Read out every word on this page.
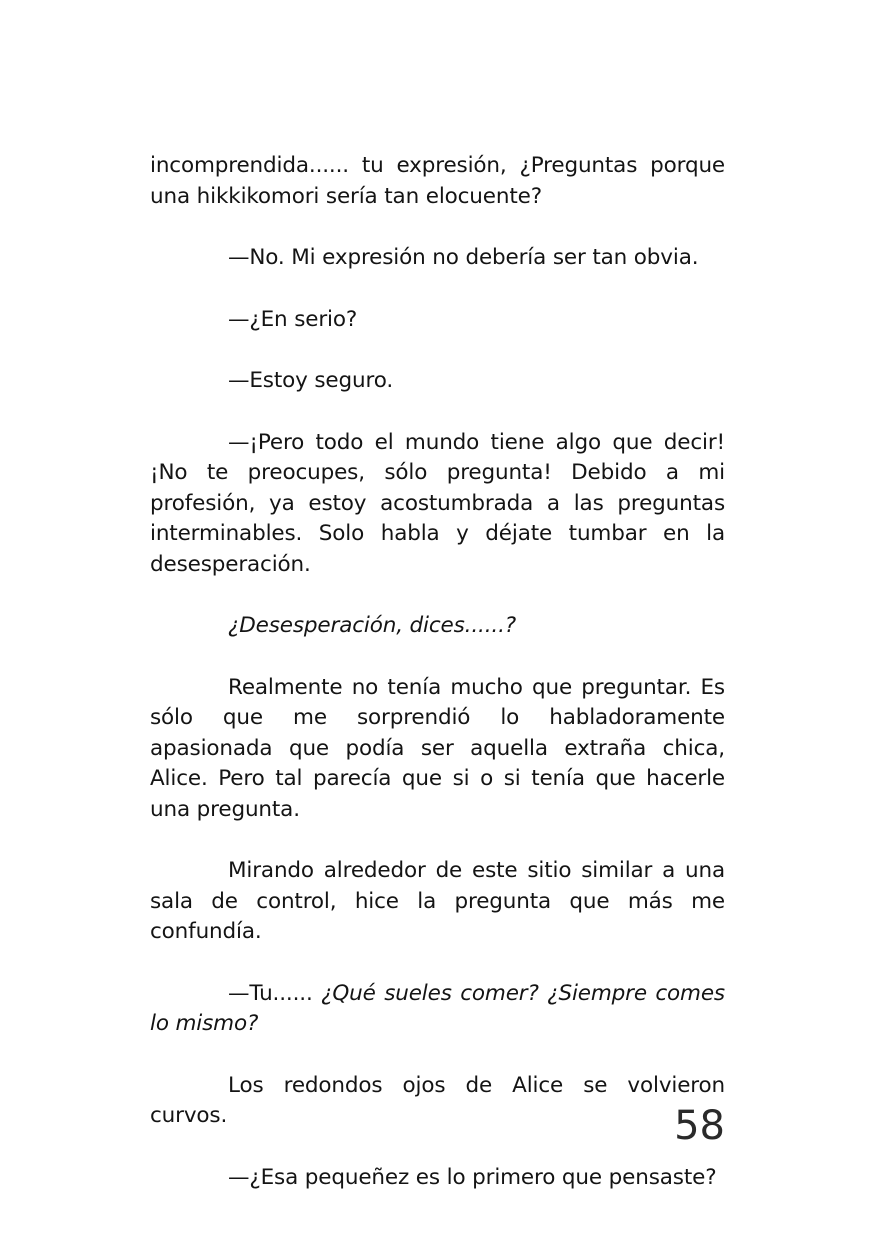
incomprendida...... tu expresión, ¿Preguntas porque una hikkikomori sería tan elocuente?

—No. Mi expresión no debería ser tan obvia.

—¿En serio?

—Estoy seguro.

—¡Pero todo el mundo tiene algo que decir! ¡No te preocupes, sólo pregunta! Debido a mi profesión, ya estoy acostumbrada a las preguntas interminables. Solo habla y déjate tumbar en la desesperación.

¿Desesperación, dices......?

Realmente no tenía mucho que preguntar. Es sólo que me sorprendió lo habladoramente apasionada que podía ser aquella extraña chica, Alice. Pero tal parecía que si o si tenía que hacerle una pregunta.

Mirando alrededor de este sitio similar a una sala de control, hice la pregunta que más me confundía.

—Tu...... ¿Qué sueles comer? ¿Siempre comes lo mismo?

Los redondos ojos de Alice se volvieron curvos.

—¿Esa pequeñez es lo primero que pensaste?

58
